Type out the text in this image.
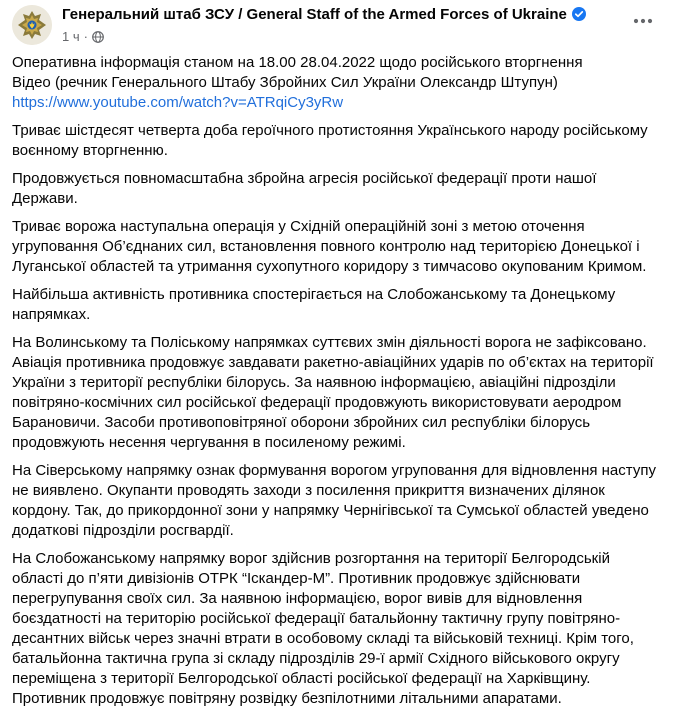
Генеральний штаб ЗСУ / General Staff of the Armed Forces of Ukraine
1 ч ·

Оперативна інформація станом на 18.00 28.04.2022 щодо російського вторгнення
Відео (речник Генерального Штабу Збройних Сил України Олександр Штупун)
https://www.youtube.com/watch?v=ATRqiCy3yRw

Триває шістдесят четверта доба героїчного протистояння Українського народу російському воєнному вторгненню.

Продовжується повномасштабна збройна агресія російської федерації проти нашої Держави.

Триває ворожа наступальна операція у Східній операційній зоні з метою оточення угруповання Об’єднаних сил, встановлення повного контролю над територією Донецької і Луганської областей та утримання сухопутного коридору з тимчасово окупованим Кримом.

Найбільша активність противника спостерігається на Слобожанському та Донецькому напрямках.

На Волинському та Поліському напрямках суттєвих змін діяльності ворога не зафіксовано. Авіація противника продовжує завдавати ракетно-авіаційних ударів по об’єктах на території України з території республіки білорусь. За наявною інформацією, авіаційні підрозділи повітряно-космічних сил російської федерації продовжують використовувати аеродром Барановичи. Засоби противоповітряної оборони збройних сил республіки білорусь продовжують несення чергування в посиленому режимі.

На Сіверському напрямку ознак формування ворогом угруповання для відновлення наступу не виявлено. Окупанти проводять заходи з посилення прикриття визначених ділянок кордону. Так, до прикордонної зони у напрямку Чернігівської та Сумської областей уведено додаткові підрозділи росгвардії.

На Слобожанському напрямку ворог здійснив розгортання на території Белгородській області до п’яти дивізіонів ОТРК “Іскандер-М”. Противник продовжує здійснювати перегрупування своїх сил. За наявною інформацією, ворог вивів для відновлення боєздатності на територію російської федерації батальйонну тактичну групу повітряно-десантних військ через значні втрати в особовому складі та військовій техниці. Крім того, батальйонна тактична група зі складу підрозділів 29-ї армії Східного військового округу переміщена з території Белгородської області російської федерації на Харківщину. Противник продовжує повітряну розвідку безпілотними літальними апаратами.
